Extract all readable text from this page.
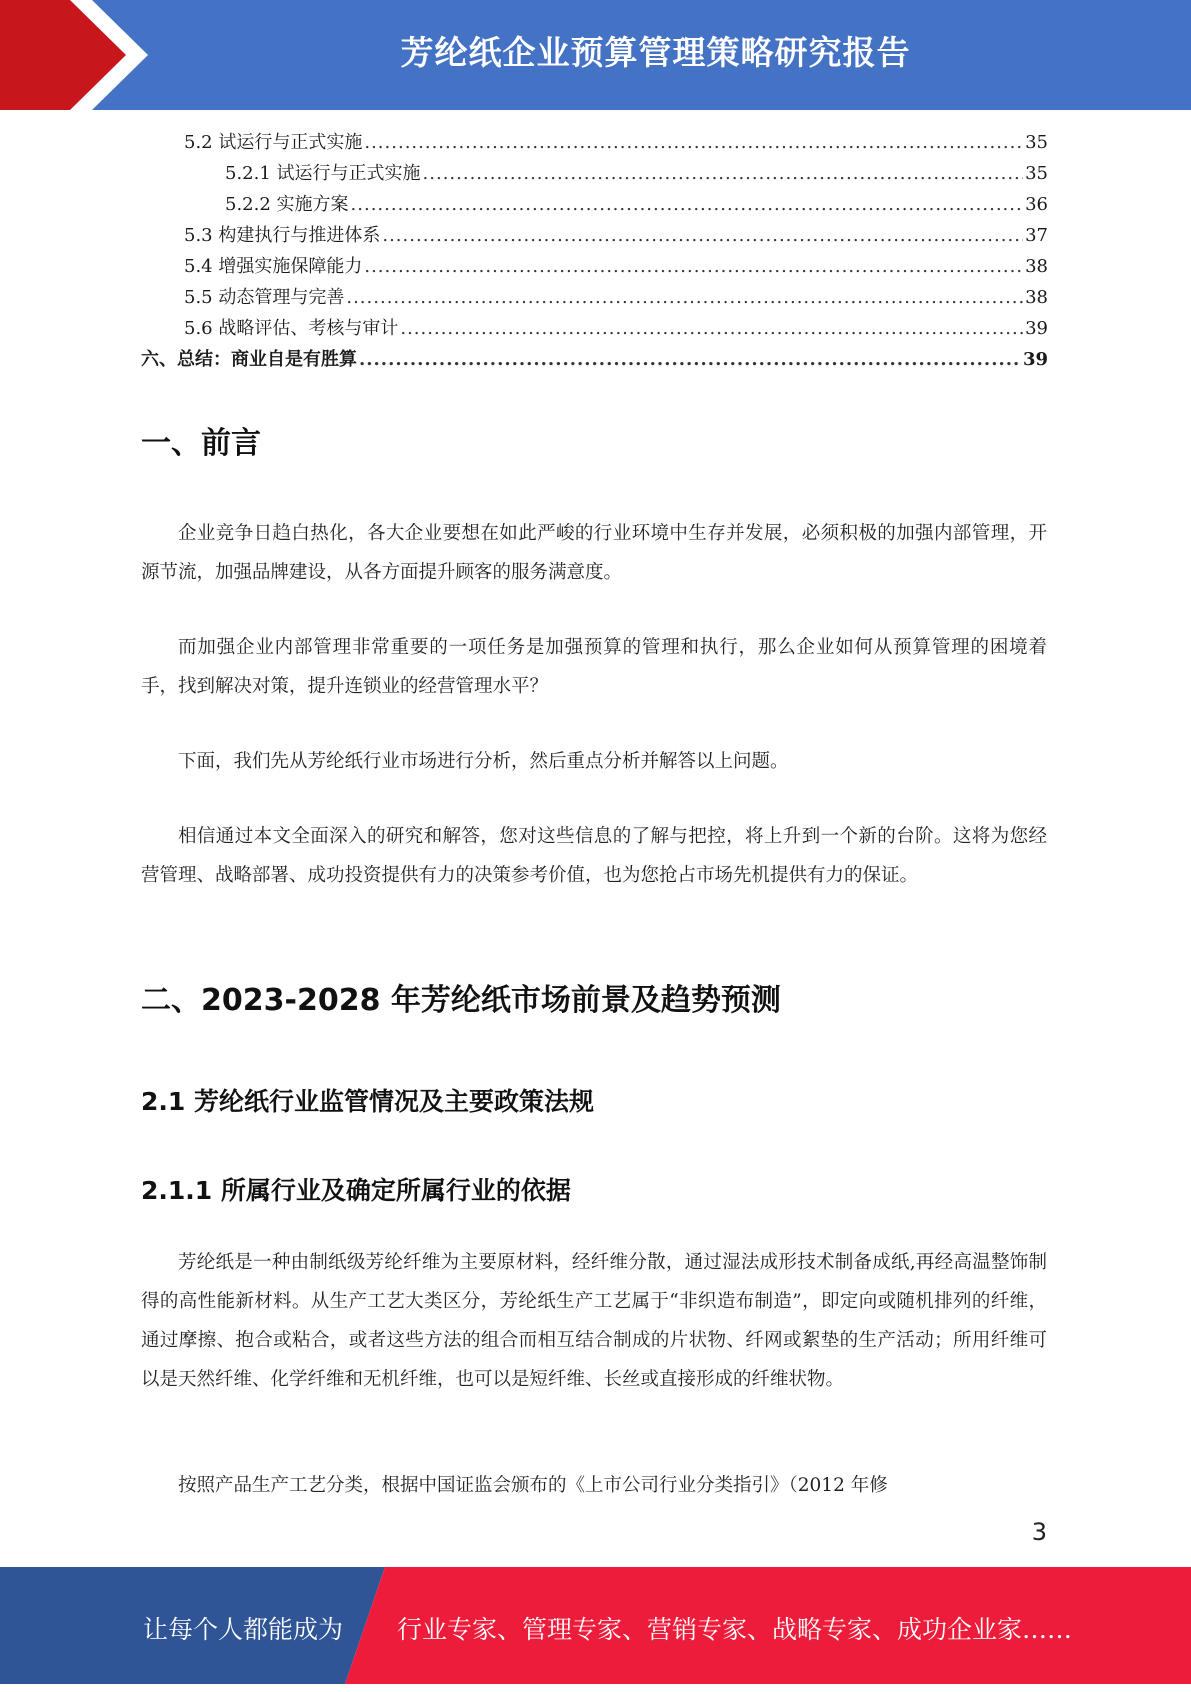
芳纶纸企业预算管理策略研究报告
5.2 试运行与正式实施 .....	35
5.2.1 试运行与正式实施 .....	35
5.2.2 实施方案 .....	36
5.3 构建执行与推进体系 .....	37
5.4 增强实施保障能力 .....	38
5.5 动态管理与完善 .....	38
5.6 战略评估、考核与审计 .....	39
六、总结：商业自是有胜算 .....	39
一、前言
企业竞争日趋白热化，各大企业要想在如此严峻的行业环境中生存并发展，必须积极的加强内部管理，开源节流，加强品牌建设，从各方面提升顾客的服务满意度。
而加强企业内部管理非常重要的一项任务是加强预算的管理和执行，那么企业如何从预算管理的困境着手，找到解决对策，提升连锁业的经营管理水平？
下面，我们先从芳纶纸行业市场进行分析，然后重点分析并解答以上问题。
相信通过本文全面深入的研究和解答，您对这些信息的了解与把控，将上升到一个新的台阶。这将为您经营管理、战略部署、成功投资提供有力的决策参考价值，也为您抢占市场先机提供有力的保证。
二、2023-2028 年芳纶纸市场前景及趋势预测
2.1 芳纶纸行业监管情况及主要政策法规
2.1.1 所属行业及确定所属行业的依据
芳纶纸是一种由制纸级芳纶纤维为主要原材料，经纤维分散，通过湿法成形技术制备成纸,再经高温整饰制得的高性能新材料。从生产工艺大类区分，芳纶纸生产工艺属于“非织造布制造”，即定向或随机排列的纤维，通过摩擦、抱合或粘合，或者这些方法的组合而相互结合制成的片状物、纤网或絮垫的生产活动；所用纤维可以是天然纤维、化学纤维和无机纤维，也可以是短纤维、长丝或直接形成的纤维状物。
按照产品生产工艺分类，根据中国证监会颁布的《上市公司行业分类指引》（2012 年修
3
让每个人都能成为 行业专家、管理专家、营销专家、战略专家、成功企业家……
